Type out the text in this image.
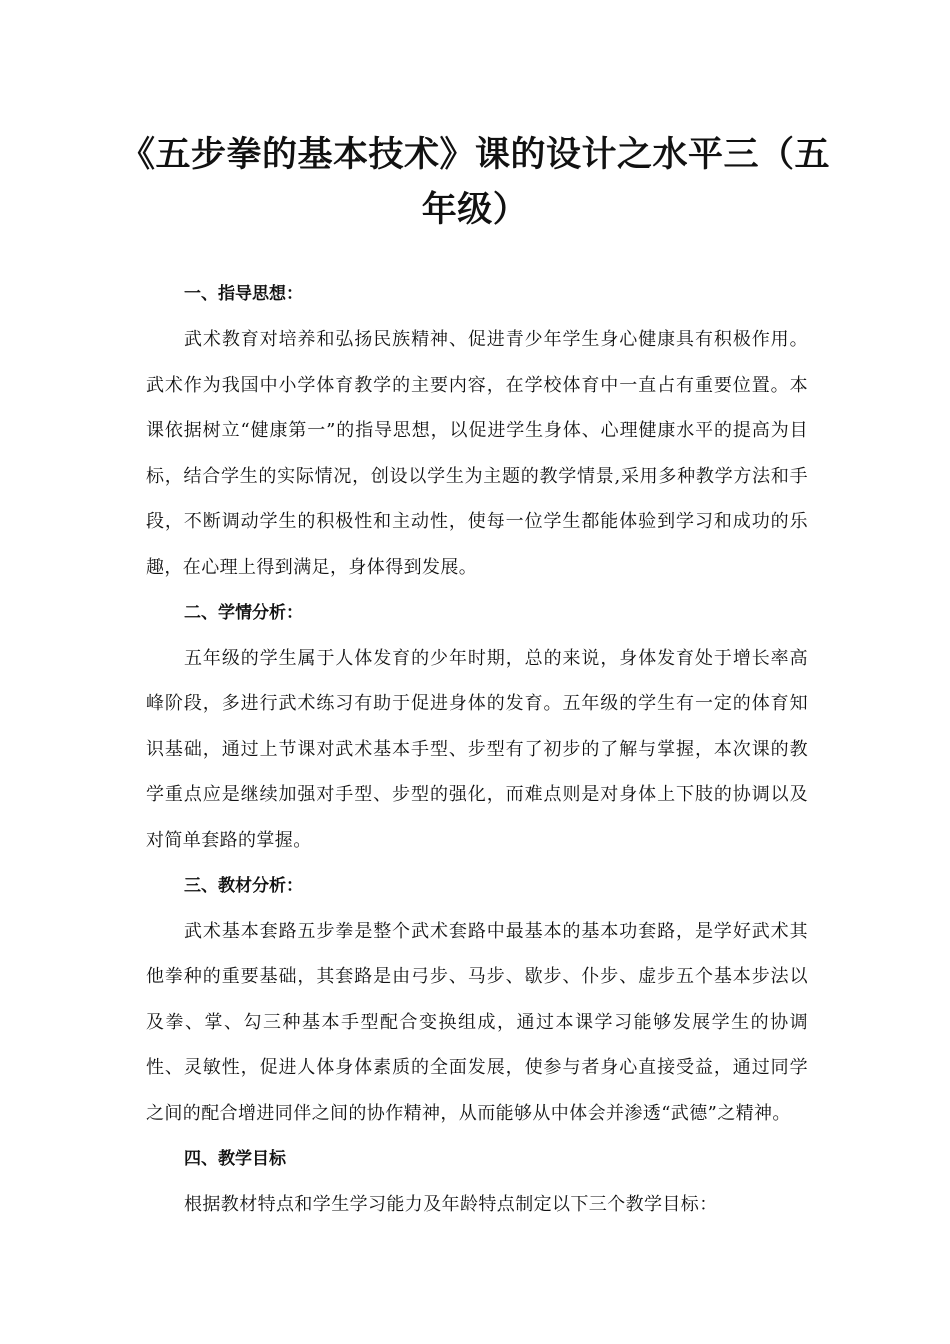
《五步拳的基本技术》课的设计之水平三（五年级）
一、指导思想：

武术教育对培养和弘扬民族精神、促进青少年学生身心健康具有积极作用。武术作为我国中小学体育教学的主要内容，在学校体育中一直占有重要位置。本课依据树立“健康第一”的指导思想，以促进学生身体、心理健康水平的提高为目标，结合学生的实际情况，创设以学生为主题的教学情景,采用多种教学方法和手段，不断调动学生的积极性和主动性，使每一位学生都能体验到学习和成功的乐趣，在心理上得到满足，身体得到发展。

二、学情分析：

五年级的学生属于人体发育的少年时期，总的来说，身体发育处于增长率高峰阶段，多进行武术练习有助于促进身体的发育。五年级的学生有一定的体育知识基础，通过上节课对武术基本手型、步型有了初步的了解与掌握，本次课的教学重点应是继续加强对手型、步型的强化，而难点则是对身体上下肢的协调以及对简单套路的掌握。

三、教材分析：

武术基本套路五步拳是整个武术套路中最基本的基本功套路，是学好武术其他拳种的重要基础，其套路是由弓步、马步、歇步、仆步、虚步五个基本步法以及拳、掌、勾三种基本手型配合变换组成，通过本课学习能够发展学生的协调性、灵敏性，促进人体身体素质的全面发展，使参与者身心直接受益，通过同学之间的配合增进同伴之间的协作精神，从而能够从中体会并渗透“武德”之精神。

四、教学目标

根据教材特点和学生学习能力及年龄特点制定以下三个教学目标：
